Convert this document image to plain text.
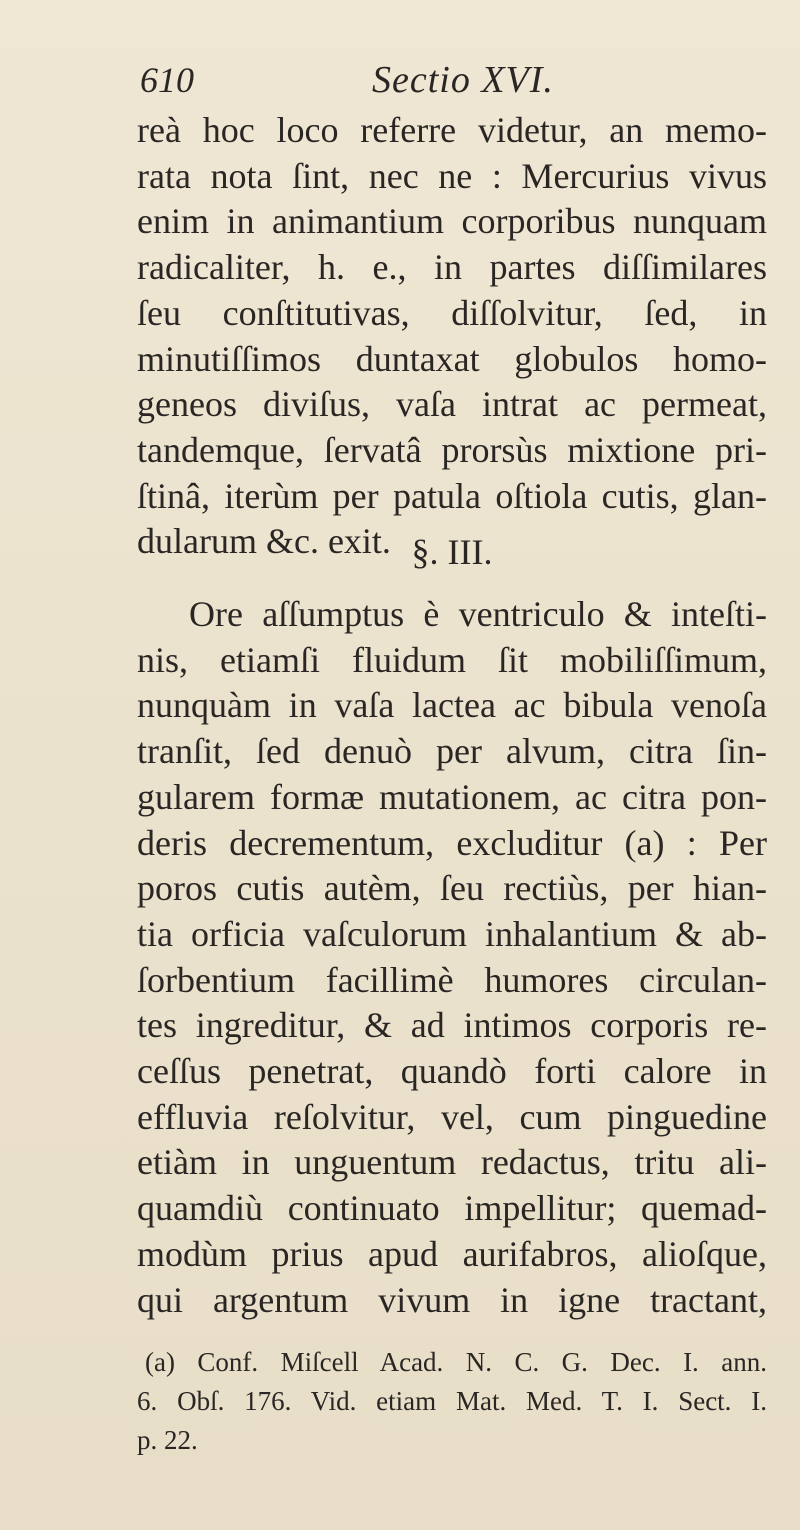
610	Sectio XVI.
reà hoc loco referre videtur, an memo-
rata nota ſint, nec ne : Mercurius vivus
enim in animantium corporibus nunquam
radicaliter, h. e., in partes diſſimilares
ſeu conſtitutivas, diſſolvitur, ſed, in
minutiſſimos duntaxat globulos homo-
geneos diviſus, vaſa intrat ac permeat,
tandemque, ſervatâ prorsùs mixtione pri-
ſtinâ, iterùm per patula oſtiola cutis, glan-
dularum &c. exit. §. III.
Ore aſſumptus è ventriculo & inteſti-
nis, etiamſi fluidum ſit mobiliſſimum,
nunquàm in vaſa lactea ac bibula venoſa
tranſit, ſed denuò per alvum, citra ſin-
gularem formæ mutationem, ac citra pon-
deris decrementum, excluditur (a) : Per
poros cutis autèm, ſeu rectiùs, per hian-
tia orficia vaſculorum inhalantium & ab-
ſorbentium facillimè humores circulan-
tes ingreditur, & ad intimos corporis re-
ceſſus penetrat, quandò forti calore in
effluvia reſolvitur, vel, cum pinguedine
etiàm in unguentum redactus, tritu ali-
quamdiù continuato impellitur; quemad-
modùm prius apud aurifabros, alioſque,
qui argentum vivum in igne tractant,
(a) Conf. Miſcell Acad. N. C. G. Dec. I. ann.
6. Obſ. 176. Vid. etiam Mat. Med. T. I. Sect. I.
p. 22.
